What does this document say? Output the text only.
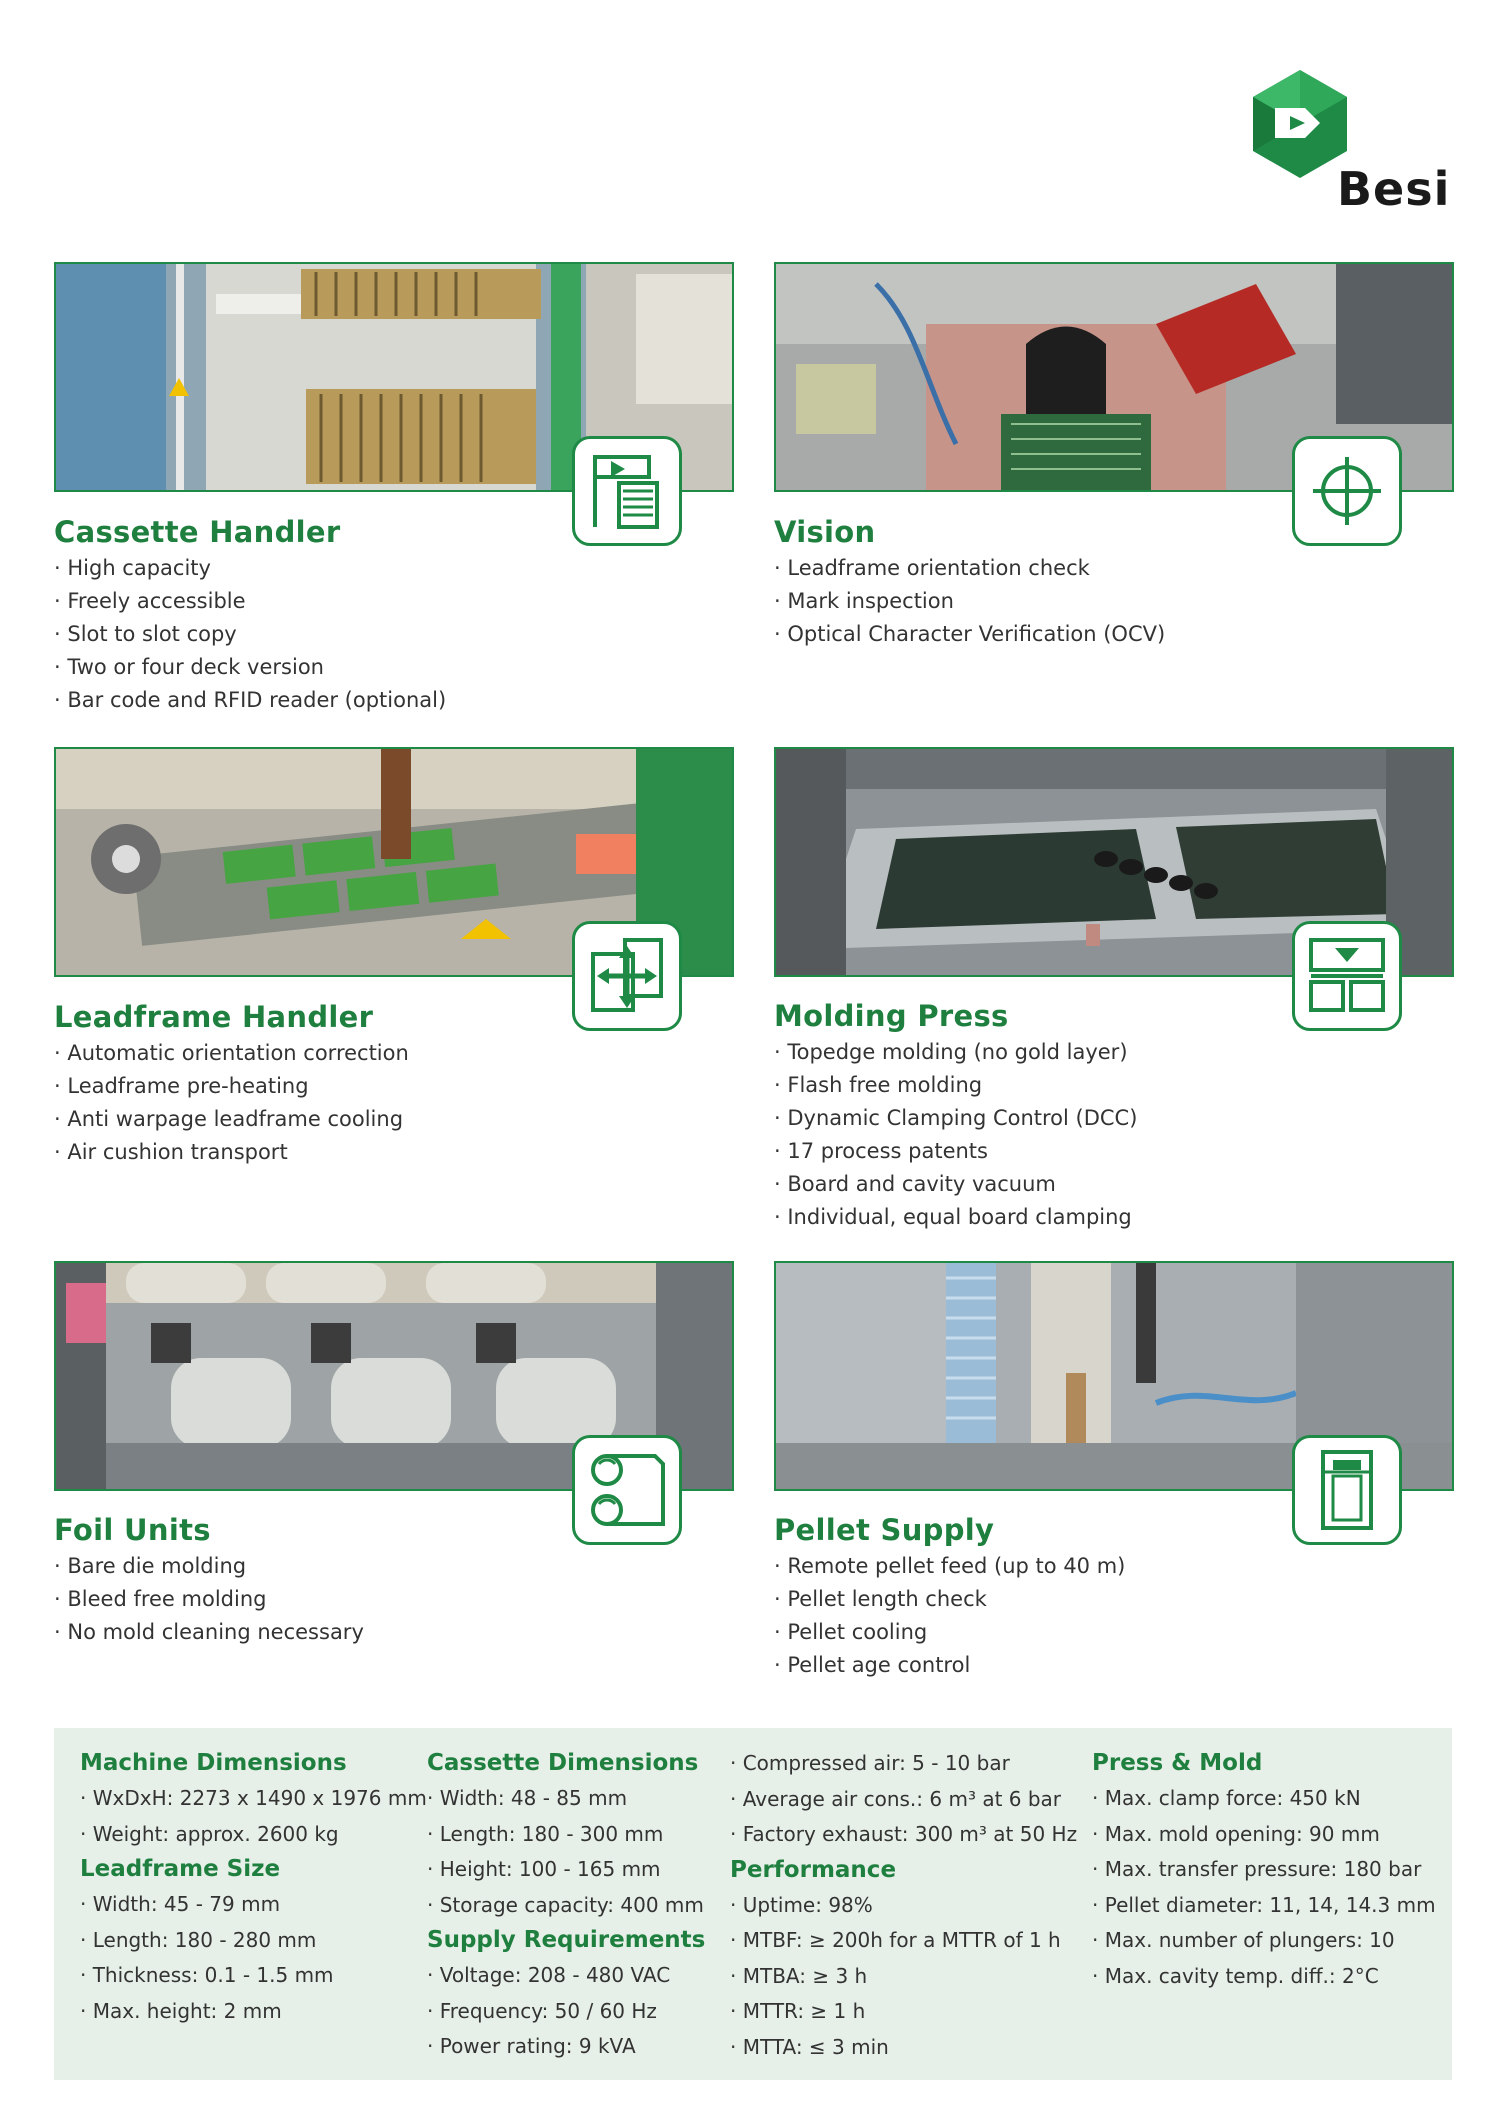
Besi
Cassette Handler
· High capacity
· Freely accessible
· Slot to slot copy
· Two or four deck version
· Bar code and RFID reader (optional)
Vision
· Leadframe orientation check
· Mark inspection
· Optical Character Verification (OCV)
Leadframe Handler
· Automatic orientation correction
· Leadframe pre-heating
· Anti warpage leadframe cooling
· Air cushion transport
Molding Press
· Topedge molding (no gold layer)
· Flash free molding
· Dynamic Clamping Control (DCC)
· 17 process patents
· Board and cavity vacuum
· Individual, equal board clamping
Foil Units
· Bare die molding
· Bleed free molding
· No mold cleaning necessary
Pellet Supply
· Remote pellet feed (up to 40 m)
· Pellet length check
· Pellet cooling
· Pellet age control
Machine Dimensions
· WxDxH: 2273 x 1490 x 1976 mm
· Weight: approx. 2600 kg
Leadframe Size
· Width: 45 - 79 mm
· Length: 180 - 280 mm
· Thickness: 0.1 - 1.5 mm
· Max. height: 2 mm
Cassette Dimensions
· Width: 48 - 85 mm
· Length: 180 - 300 mm
· Height: 100 - 165 mm
· Storage capacity: 400 mm
Supply Requirements
· Voltage: 208 - 480 VAC
· Frequency: 50 / 60 Hz
· Power rating: 9 kVA
· Compressed air: 5 - 10 bar
· Average air cons.: 6 m³ at 6 bar
· Factory exhaust: 300 m³ at 50 Hz
Performance
· Uptime: 98%
· MTBF: ≥ 200h for a MTTR of 1 h
· MTBA: ≥ 3 h
· MTTR: ≥ 1 h
· MTTA: ≤ 3 min
Press & Mold
· Max. clamp force: 450 kN
· Max. mold opening: 90 mm
· Max. transfer pressure: 180 bar
· Pellet diameter: 11, 14, 14.3 mm
· Max. number of plungers: 10
· Max. cavity temp. diff.: 2°C
